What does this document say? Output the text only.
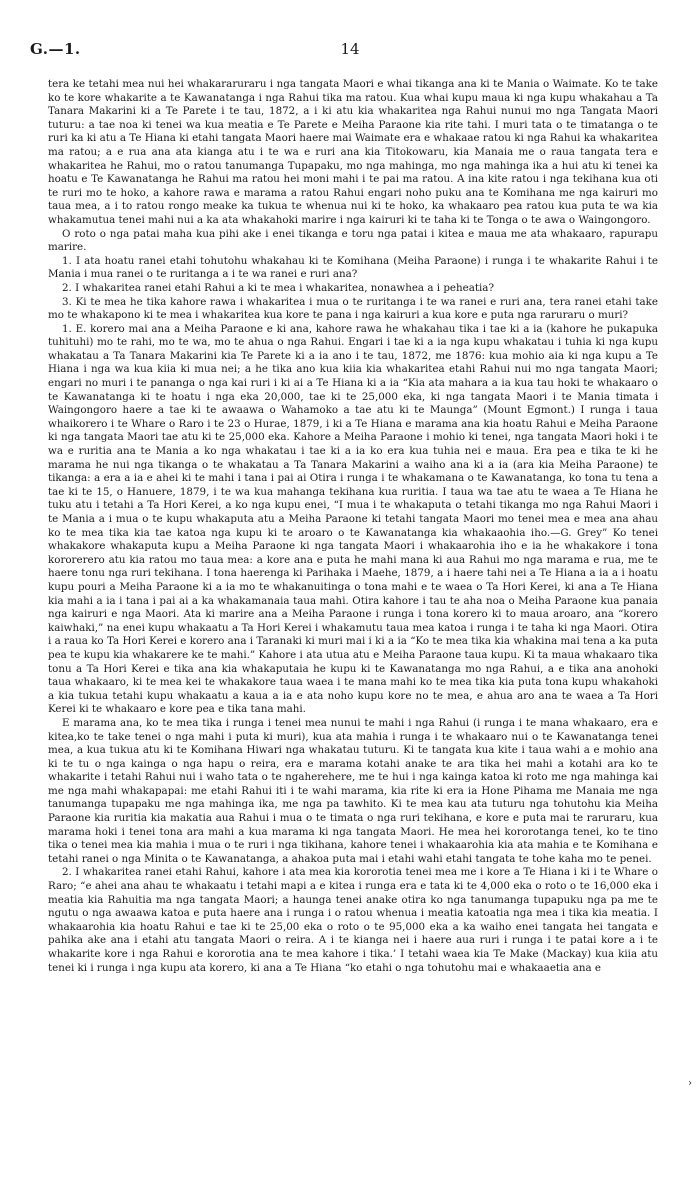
G.—1.	14

tera ke tetahi mea nui hei whakararuraru i nga tangata Maori e whai tikanga ana ki te Mania o Waimate. Ko te take ko te kore whakarite a te Kawanatanga i nga Rahui tika ma ratou. Kua whai kupu maua ki nga kupu whakahau a Ta Tanara Makarini ki a Te Parete i te tau, 1872, a i ki atu kia whakaritea nga Rahui nunui mo nga Tangata Maori tuturu: a tae noa ki tenei wa kua meatia e Te Parete e Meiha Paraone kia rite tahi. I muri tata o te timatanga o te ruri ka ki atu a Te Hiana ki etahi tangata Maori haere mai Waimate era e whakaae ratou ki nga Rahui ka whakaritea ma ratou; a e rua ana ata kianga atu i te wa e ruri ana kia Titokowaru, kia Manaia me o raua tangata tera e whakaritea he Rahui, mo o ratou tanumanga Tupapaku, mo nga mahinga, mo nga mahinga ika a hui atu ki tenei ka hoatu e Te Kawanatanga he Rahui ma ratou hei moni mahi i te pai ma ratou. A ina kite ratou i nga tekihana kua oti te ruri mo te hoko, a kahore rawa e marama a ratou Rahui engari noho puku ana te Komihana me nga kairuri mo taua mea, a i to ratou rongo meake ka tukua te whenua nui ki te hoko, ka whakaaro pea ratou kua puta te wa kia whakamutua tenei mahi nui a ka ata whakahoki marire i nga kairuri ki te taha ki te Tonga o te awa o Waingongoro.

O roto o nga patai maha kua pihi ake i enei tikanga e toru nga patai i kitea e maua me ata whakaaro, rapurapu marire.

1. I ata hoatu ranei etahi tohutohu whakahau ki te Komihana (Meiha Paraone) i runga i te whakarite Rahui i te Mania i mua ranei o te ruritanga a i te wa ranei e ruri ana?

2. I whakaritea ranei etahi Rahui a ki te mea i whakaritea, nonawhea a i peheatia?

3. Ki te mea he tika kahore rawa i whakaritea i mua o te ruritanga i te wa ranei e ruri ana, tera ranei etahi take mo te whakapono ki te mea i whakaritea kua kore te pana i nga kairuri a kua kore e puta nga raruraru o muri?

1. E. korero mai ana a Meiha Paraone e ki ana, kahore rawa he whakahau tika i tae ki a ia (kahore he pukapuka tuhituhi) mo te rahi, mo te wa, mo te ahua o nga Rahui. Engari i tae ki a ia nga kupu whakatau i tuhia ki nga kupu whakatau a Ta Tanara Makarini kia Te Parete ki a ia ano i te tau, 1872, me 1876: kua mohio aia ki nga kupu a Te Hiana i nga wa kua kiia ki mua nei; a he tika ano kua kiia kia whakaritea etahi Rahui nui mo nga tangata Maori; engari no muri i te pananga o nga kai ruri i ki ai a Te Hiana ki a ia “Kia ata mahara a ia kua tau hoki te whakaaro o te Kawanatanga ki te hoatu i nga eka 20,000, tae ki te 25,000 eka, ki nga tangata Maori i te Mania timata i Waingongoro haere a tae ki te awaawa o Wahamoko a tae atu ki te Maunga” (Mount Egmont.) I runga i taua whaikorero i te Whare o Raro i te 23 o Hurae, 1879, i ki a Te Hiana e marama ana kia hoatu Rahui e Meiha Paraone ki nga tangata Maori tae atu ki te 25,000 eka. Kahore a Meiha Paraone i mohio ki tenei, nga tangata Maori hoki i te wa e ruritia ana te Mania a ko nga whakatau i tae ki a ia ko era kua tuhia nei e maua. Era pea e tika te ki he marama he nui nga tikanga o te whakatau a Ta Tanara Makarini a waiho ana ki a ia (ara kia Meiha Paraone) te tikanga: a era a ia e ahei ki te mahi i tana i pai ai Otira i runga i te whakamana o te Kawanatanga, ko tona tu tena a tae ki te 15, o Hanuere, 1879, i te wa kua mahanga tekihana kua ruritia. I taua wa tae atu te waea a Te Hiana he tuku atu i tetahi a Ta Hori Kerei, a ko nga kupu enei, “I mua i te whakaputa o tetahi tikanga mo nga Rahui Maori i te Mania a i mua o te kupu whakaputa atu a Meiha Paraone ki tetahi tangata Maori mo tenei mea e mea ana ahau ko te mea tika kia tae katoa nga kupu ki te aroaro o te Kawanatanga kia whakaaohia iho.—G. Grey” Ko tenei whakakore whakaputa kupu a Meiha Paraone ki nga tangata Maori i whakaarohia iho e ia he whakakore i tona kororerero atu kia ratou mo taua mea: a kore ana e puta he mahi mana ki aua Rahui mo nga marama e rua, me te haere tonu nga ruri tekihana. I tona haerenga ki Parihaka i Maehe, 1879, a i haere tahi nei a Te Hiana a ia a i hoatu kupu pouri a Meiha Paraone ki a ia mo te whakanuitinga o tona mahi e te waea o Ta Hori Kerei, ki ana a Te Hiana kia mahi a ia i tana i pai ai a ka whakamanaia taua mahi. Otira kahore i tau te aha noa o Meiha Paraone kua panaia nga kairuri e nga Maori. Ata ki marire ana a Meiha Paraone i runga i tona korero ki to maua aroaro, ana “korero kaiwhaki,” na enei kupu whakaatu a Ta Hori Kerei i whakamutu taua mea katoa i runga i te taha ki nga Maori. Otira i a raua ko Ta Hori Kerei e korero ana i Taranaki ki muri mai i ki a ia “Ko te mea tika kia whakina mai tena a ka puta pea te kupu kia whakarere ke te mahi.” Kahore i ata utua atu e Meiha Paraone taua kupu. Ki ta maua whakaaro tika tonu a Ta Hori Kerei e tika ana kia whakaputaia he kupu ki te Kawanatanga mo nga Rahui, a e tika ana anohoki taua whakaaro, ki te mea kei te whakakore taua waea i te mana mahi ko te mea tika kia puta tona kupu whakahoki a kia tukua tetahi kupu whakaatu a kaua a ia e ata noho kupu kore no te mea, e ahua aro ana te waea a Ta Hori Kerei ki te whakaaro e kore pea e tika tana mahi.

E marama ana, ko te mea tika i runga i tenei mea nunui te mahi i nga Rahui (i runga i te mana whakaaro, era e kitea,ko te take tenei o nga mahi i puta ki muri), kua ata mahia i runga i te whakaaro nui o te Kawanatanga tenei mea, a kua tukua atu ki te Komihana Hiwari nga whakatau tuturu. Ki te tangata kua kite i taua wahi a e mohio ana ki te tu o nga kainga o nga hapu o reira, era e marama kotahi anake te ara tika hei mahi a kotahi ara ko te whakarite i tetahi Rahui nui i waho tata o te ngaherehere, me te hui i nga kainga katoa ki roto me nga mahinga kai me nga mahi whakapapai: me etahi Rahui iti i te wahi marama, kia rite ki era ia Hone Pihama me Manaia me nga tanumanga tupapaku me nga mahinga ika, me nga pa tawhito. Ki te mea kau ata tuturu nga tohutohu kia Meiha Paraone kia ruritia kia makatia aua Rahui i mua o te timata o nga ruri tekihana, e kore e puta mai te raruraru, kua marama hoki i tenei tona ara mahi a kua marama ki nga tangata Maori. He mea hei kororotanga tenei, ko te tino tika o tenei mea kia mahia i mua o te ruri i nga tikihana, kahore tenei i whakaarohia kia ata mahia e te Komihana e tetahi ranei o nga Minita o te Kawanatanga, a ahakoa puta mai i etahi wahi etahi tangata te tohe kaha mo te penei.

2. I whakaritea ranei etahi Rahui, kahore i ata mea kia kororotia tenei mea me i kore a Te Hiana i ki i te Whare o Raro; “e ahei ana ahau te whakaatu i tetahi mapi a e kitea i runga era e tata ki te 4,000 eka o roto o te 16,000 eka i meatia kia Rahuitia ma nga tangata Maori; a haunga tenei anake otira ko nga tanumanga tupapuku nga pa me te ngutu o nga awaawa katoa e puta haere ana i runga i o ratou whenua i meatia katoatia nga mea i tika kia meatia. I whakaarohia kia hoatu Rahui e tae ki te 25,00 eka o roto o te 95,000 eka a ka waiho enei tangata hei tangata e pahika ake ana i etahi atu tangata Maori o reira. A i te kianga nei i haere aua ruri i runga i te patai kore a i te whakarite kore i nga Rahui e kororotia ana te mea kahore i tika.’ I tetahi waea kia Te Make (Mackay) kua kiia atu tenei ki i runga i nga kupu ata korero, ki ana a Te Hiana “ko etahi o nga tohutohu mai e whakaaetia ana e

›
